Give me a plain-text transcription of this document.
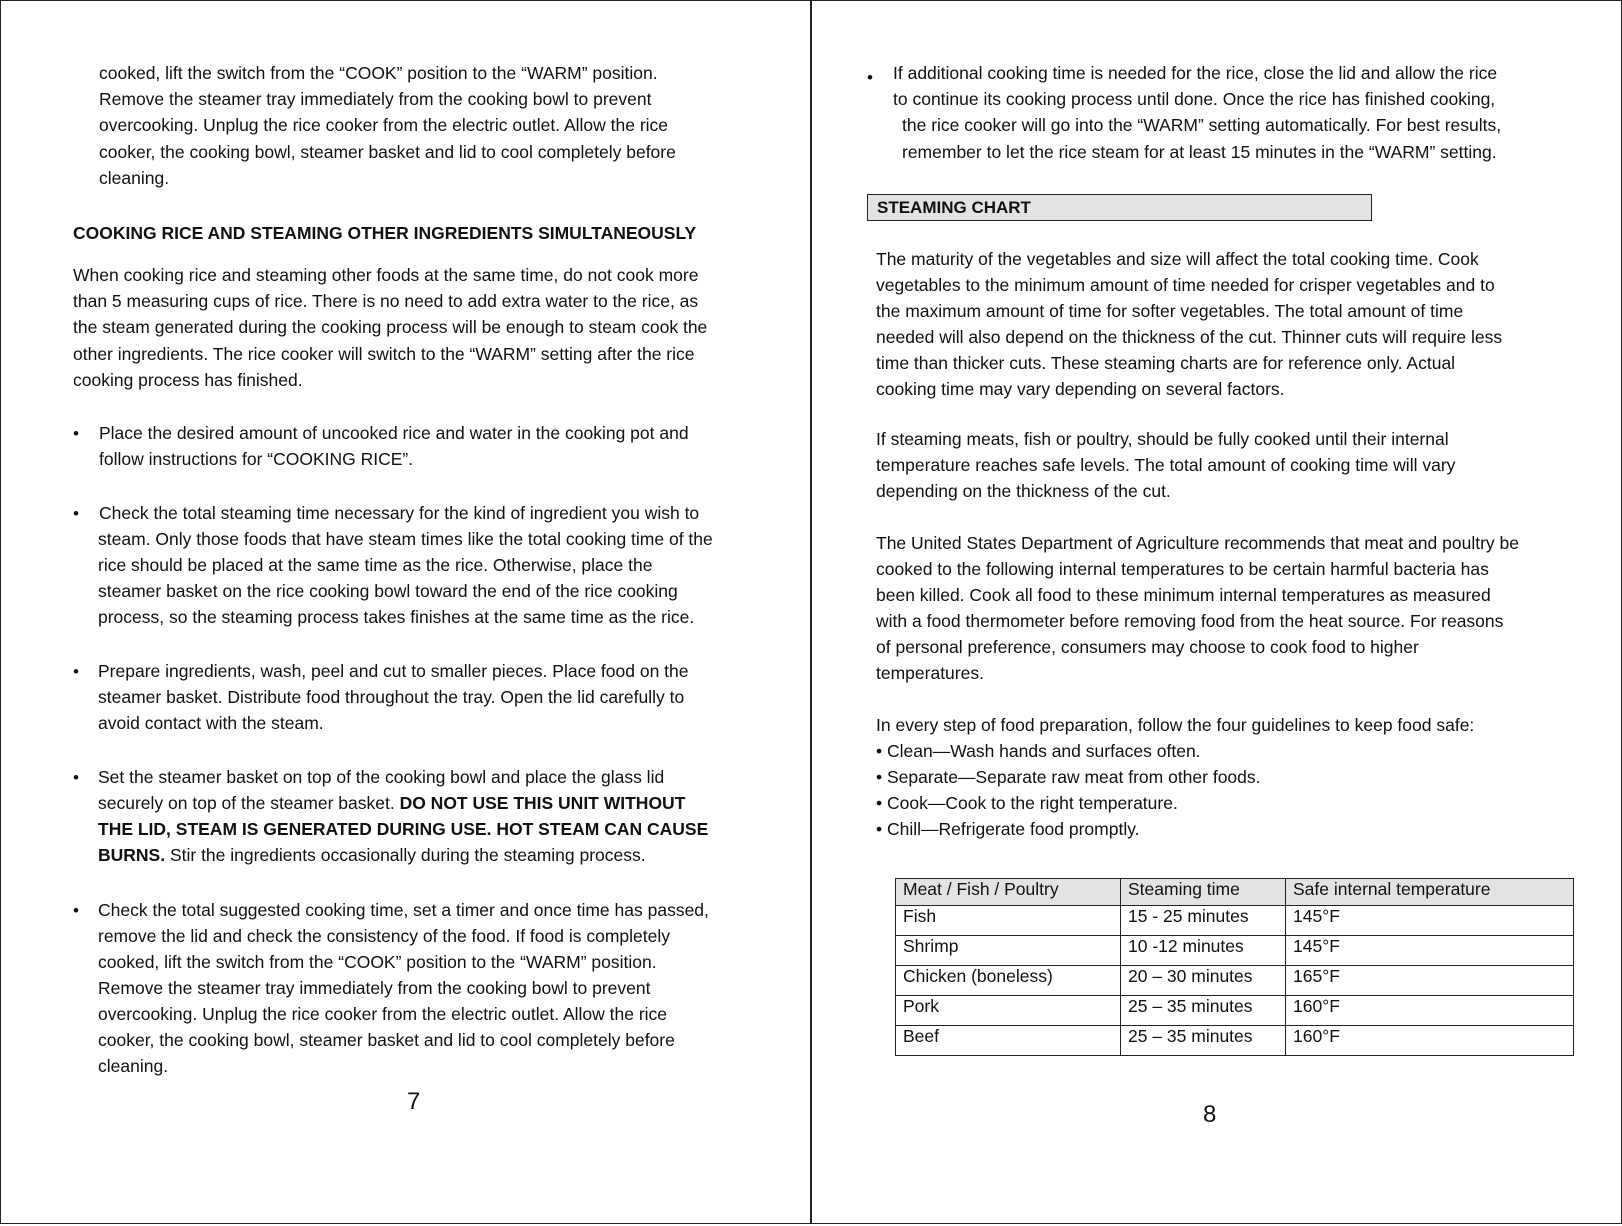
cooked, lift the switch from the “COOK” position to the “WARM” position.
Remove the steamer tray immediately from the cooking bowl to prevent
overcooking. Unplug the rice cooker from the electric outlet. Allow the rice
cooker, the cooking bowl, steamer basket and lid to cool completely before
cleaning.
COOKING RICE AND STEAMING OTHER INGREDIENTS SIMULTANEOUSLY
When cooking rice and steaming other foods at the same time, do not cook more
than 5 measuring cups of rice. There is no need to add extra water to the rice, as
the steam generated during the cooking process will be enough to steam cook the
other ingredients. The rice cooker will switch to the “WARM” setting after the rice
cooking process has finished.
• Place the desired amount of uncooked rice and water in the cooking pot and
follow instructions for “COOKING RICE”.
• Check the total steaming time necessary for the kind of ingredient you wish to
steam. Only those foods that have steam times like the total cooking time of the
rice should be placed at the same time as the rice. Otherwise, place the
steamer basket on the rice cooking bowl toward the end of the rice cooking
process, so the steaming process takes finishes at the same time as the rice.
• Prepare ingredients, wash, peel and cut to smaller pieces. Place food on the
steamer basket. Distribute food throughout the tray. Open the lid carefully to
avoid contact with the steam.
• Set the steamer basket on top of the cooking bowl and place the glass lid
securely on top of the steamer basket. DO NOT USE THIS UNIT WITHOUT
THE LID, STEAM IS GENERATED DURING USE. HOT STEAM CAN CAUSE
BURNS. Stir the ingredients occasionally during the steaming process.
• Check the total suggested cooking time, set a timer and once time has passed,
remove the lid and check the consistency of the food. If food is completely
cooked, lift the switch from the “COOK” position to the “WARM” position.
Remove the steamer tray immediately from the cooking bowl to prevent
overcooking. Unplug the rice cooker from the electric outlet. Allow the rice
cooker, the cooking bowl, steamer basket and lid to cool completely before
cleaning.
7
• If additional cooking time is needed for the rice, close the lid and allow the rice
to continue its cooking process until done. Once the rice has finished cooking,
the rice cooker will go into the “WARM” setting automatically. For best results,
remember to let the rice steam for at least 15 minutes in the “WARM” setting.
STEAMING CHART
The maturity of the vegetables and size will affect the total cooking time. Cook
vegetables to the minimum amount of time needed for crisper vegetables and to
the maximum amount of time for softer vegetables. The total amount of time
needed will also depend on the thickness of the cut. Thinner cuts will require less
time than thicker cuts. These steaming charts are for reference only. Actual
cooking time may vary depending on several factors.
If steaming meats, fish or poultry, should be fully cooked until their internal
temperature reaches safe levels. The total amount of cooking time will vary
depending on the thickness of the cut.
The United States Department of Agriculture recommends that meat and poultry be
cooked to the following internal temperatures to be certain harmful bacteria has
been killed. Cook all food to these minimum internal temperatures as measured
with a food thermometer before removing food from the heat source. For reasons
of personal preference, consumers may choose to cook food to higher
temperatures.
In every step of food preparation, follow the four guidelines to keep food safe:
• Clean—Wash hands and surfaces often.
• Separate—Separate raw meat from other foods.
• Cook—Cook to the right temperature.
• Chill—Refrigerate food promptly.
Meat / Fish / Poultry	Steaming time	Safe internal temperature
Fish	15 - 25 minutes	145°F
Shrimp	10 -12 minutes	145°F
Chicken (boneless)	20 – 30 minutes	165°F
Pork	25 – 35 minutes	160°F
Beef	25 – 35 minutes	160°F
8
